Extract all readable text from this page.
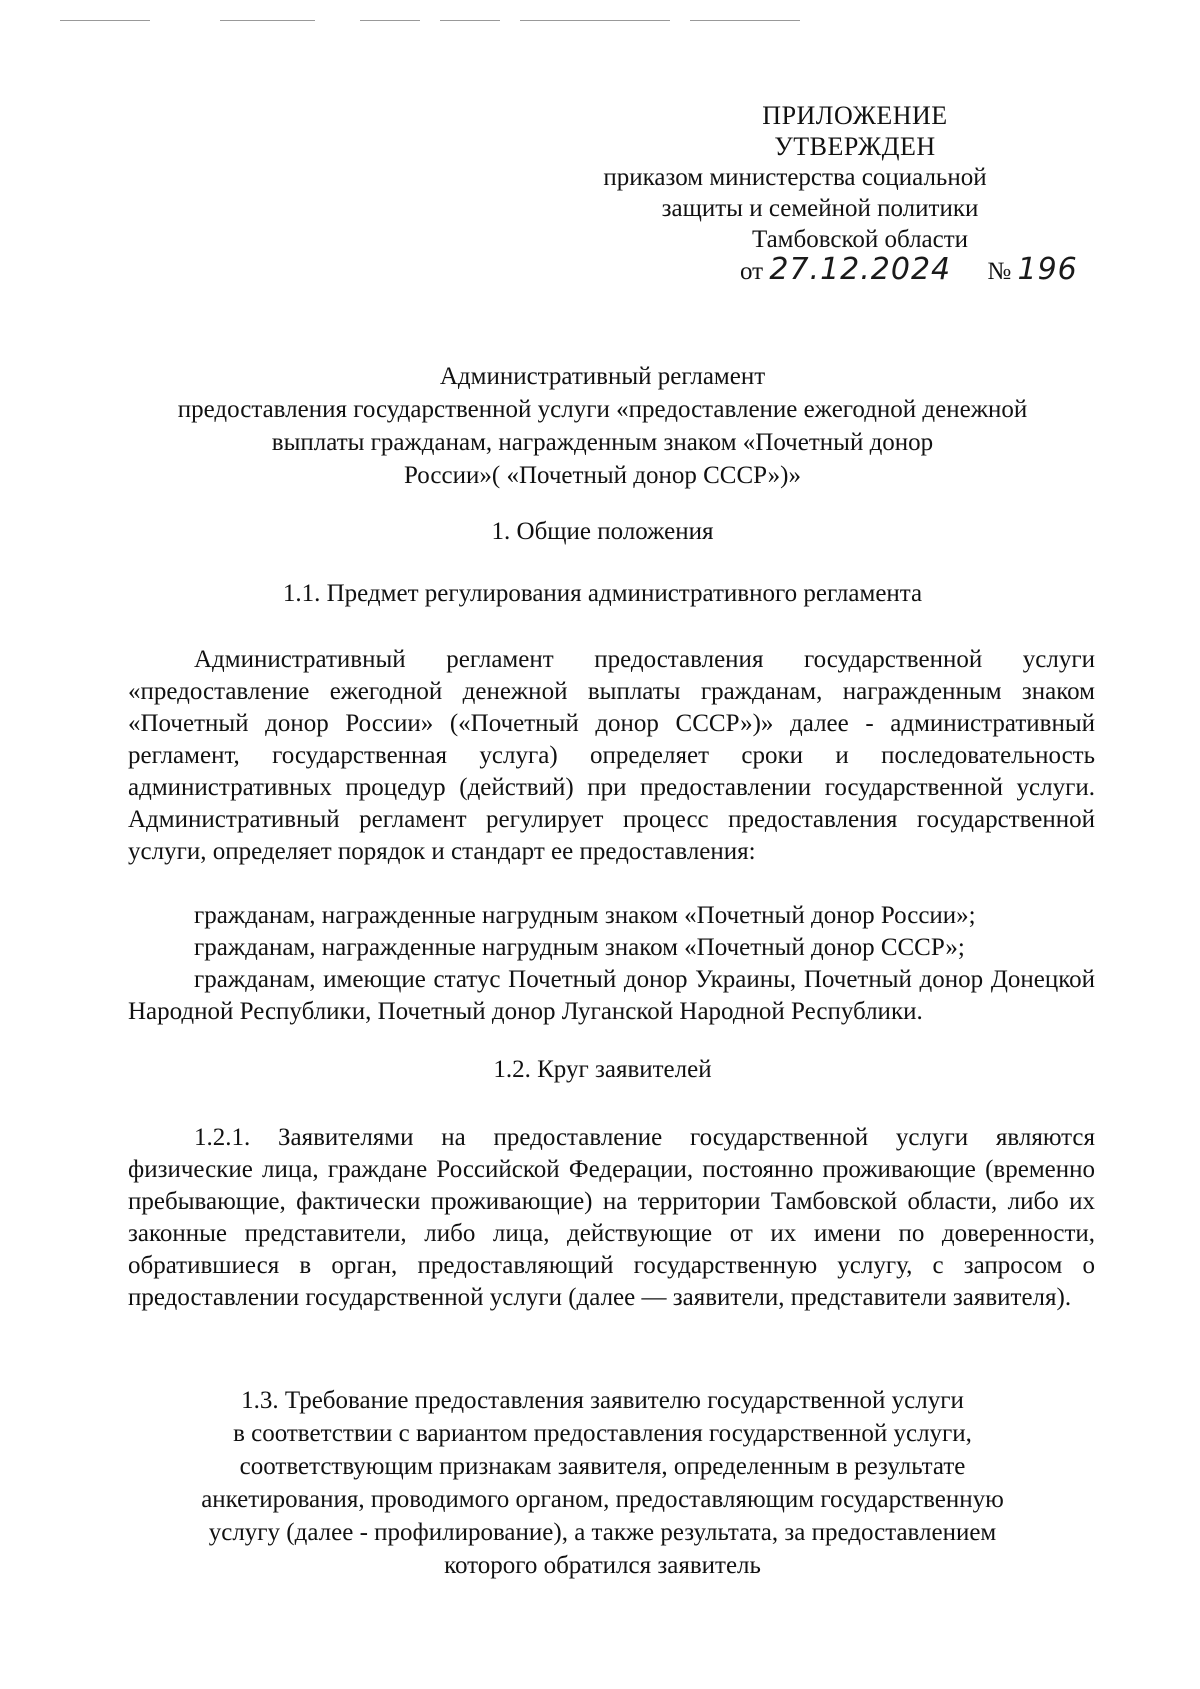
ПРИЛОЖЕНИЕ
УТВЕРЖДЕН
приказом министерства социальной
защиты и семейной политики
Тамбовской области
от 27.12.2024 № 196
Административный регламент
предоставления государственной услуги «предоставление ежегодной денежной
выплаты гражданам, награжденным знаком «Почетный донор
России»( «Почетный донор СССР»)»
1. Общие положения
1.1. Предмет регулирования административного регламента

Административный регламент предоставления государственной услуги «предоставление ежегодной денежной выплаты гражданам, награжденным знаком «Почетный донор России» («Почетный донор СССР»)» далее - административный регламент, государственная услуга) определяет сроки и последовательность административных процедур (действий) при предоставлении государственной услуги. Административный регламент регулирует процесс предоставления государственной услуги, определяет порядок и стандарт ее предоставления:

гражданам, награжденные нагрудным знаком «Почетный донор России»;

гражданам, награжденные нагрудным знаком «Почетный донор СССР»;

гражданам, имеющие статус Почетный донор Украины, Почетный донор Донецкой Народной Республики, Почетный донор Луганской Народной Республики.

1.2. Круг заявителей

1.2.1. Заявителями на предоставление государственной услуги являются физические лица, граждане Российской Федерации, постоянно проживающие (временно пребывающие, фактически проживающие) на территории Тамбовской области, либо их законные представители, либо лица, действующие от их имени по доверенности, обратившиеся в орган, предоставляющий государственную услугу, с запросом о предоставлении государственной услуги (далее — заявители, представители заявителя).

1.3. Требование предоставления заявителю государственной услуги
в соответствии с вариантом предоставления государственной услуги,
соответствующим признакам заявителя, определенным в результате
анкетирования, проводимого органом, предоставляющим государственную
услугу (далее - профилирование), а также результата, за предоставлением
которого обратился заявитель
